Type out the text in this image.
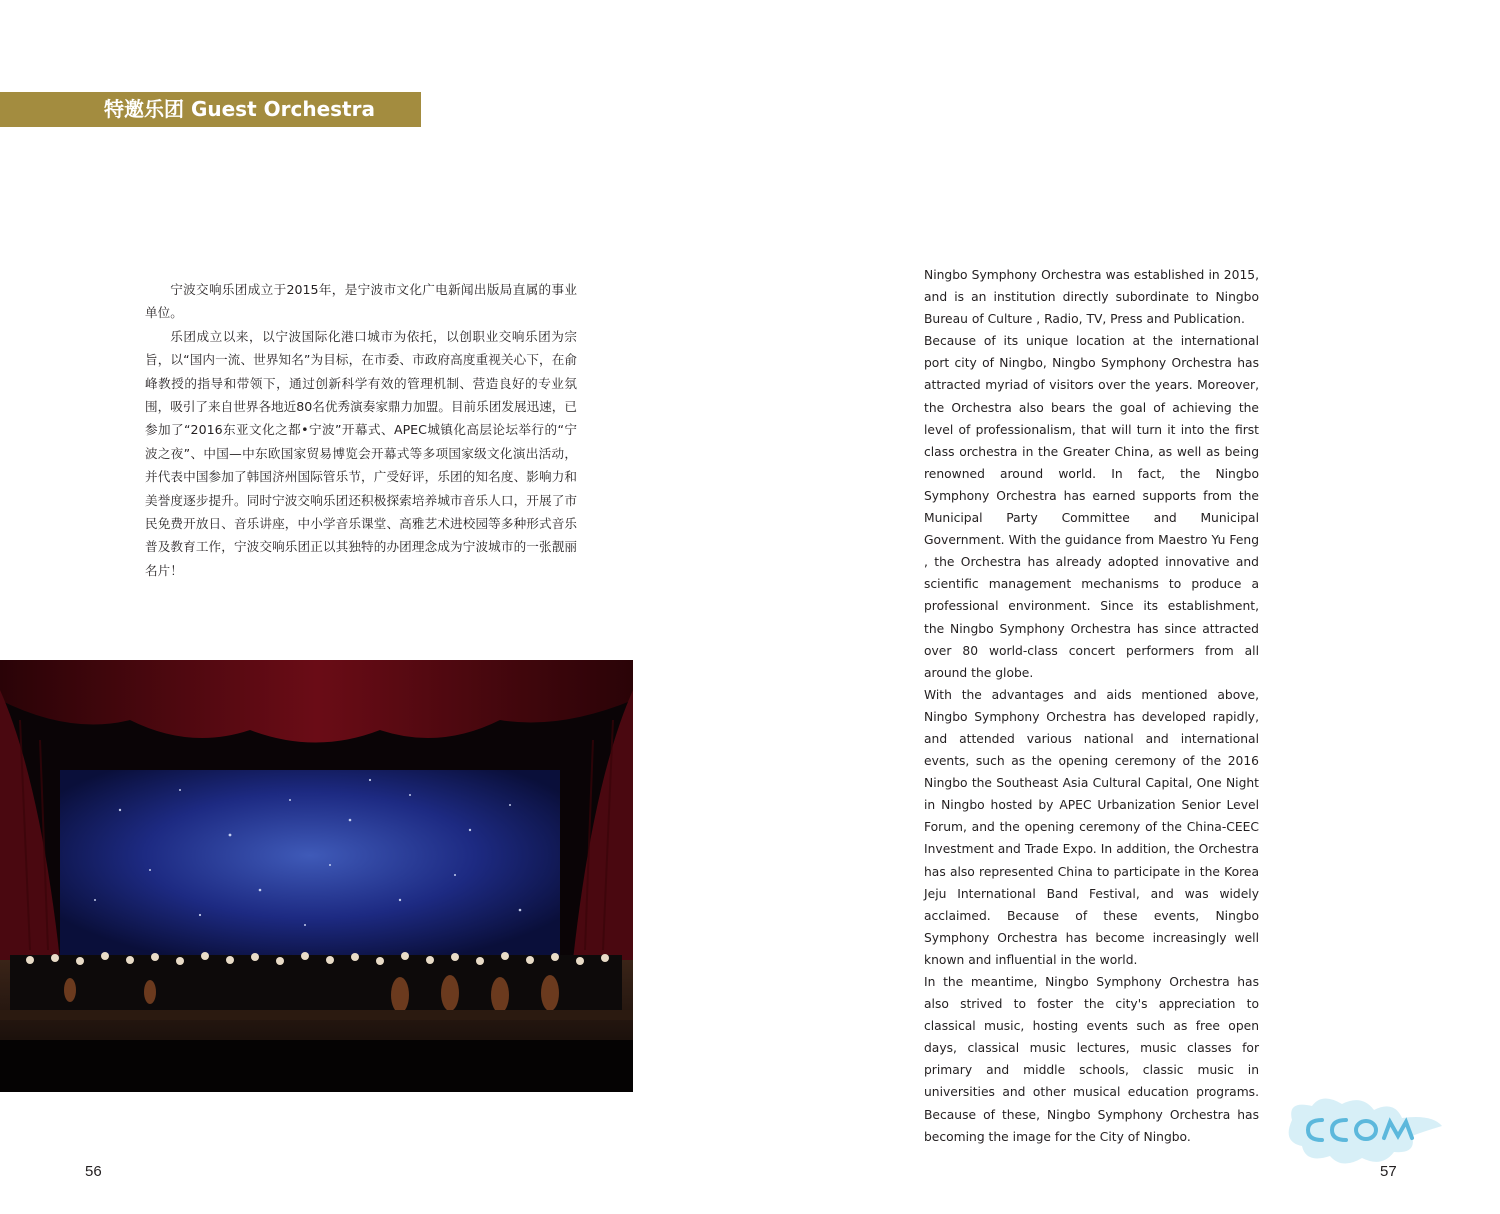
特邀乐团 Guest Orchestra

宁波交响乐团成立于2015年，是宁波市文化广电新闻出版局直属的事业单位。

乐团成立以来，以宁波国际化港口城市为依托，以创职业交响乐团为宗旨，以“国内一流、世界知名”为目标，在市委、市政府高度重视关心下，在俞峰教授的指导和带领下，通过创新科学有效的管理机制、营造良好的专业氛围，吸引了来自世界各地近80名优秀演奏家鼎力加盟。目前乐团发展迅速，已参加了“2016东亚文化之都•宁波”开幕式、APEC城镇化高层论坛举行的“宁波之夜”、中国—中东欧国家贸易博览会开幕式等多项国家级文化演出活动，并代表中国参加了韩国济州国际管乐节，广受好评，乐团的知名度、影响力和美誉度逐步提升。同时宁波交响乐团还积极探索培养城市音乐人口，开展了市民免费开放日、音乐讲座，中小学音乐课堂、高雅艺术进校园等多种形式音乐普及教育工作，宁波交响乐团正以其独特的办团理念成为宁波城市的一张靓丽名片！

Ningbo Symphony Orchestra was established in 2015, and is an institution directly subordinate to Ningbo Bureau of Culture , Radio, TV, Press and Publication.

Because of its unique location at the international port city of Ningbo, Ningbo Symphony Orchestra has attracted myriad of visitors over the years. Moreover, the Orchestra also bears the goal of achieving the level of professionalism, that will turn it into the first class orchestra in the Greater China, as well as being renowned around world. In fact, the Ningbo Symphony Orchestra has earned supports from the Municipal Party Committee and Municipal Government. With the guidance from Maestro Yu Feng , the Orchestra has already adopted innovative and scientific management mechanisms to produce a professional environment. Since its establishment, the Ningbo Symphony Orchestra has since attracted over 80 world-class concert performers from all around the globe.

With the advantages and aids mentioned above, Ningbo Symphony Orchestra has developed rapidly, and attended various national and international events, such as the opening ceremony of the 2016 Ningbo the Southeast Asia Cultural Capital, One Night in Ningbo hosted by APEC Urbanization Senior Level Forum, and the opening ceremony of the China-CEEC Investment and Trade Expo. In addition, the Orchestra has also represented China to participate in the Korea Jeju International Band Festival, and was widely acclaimed. Because of these events, Ningbo Symphony Orchestra has become increasingly well known and influential in the world.

In the meantime, Ningbo Symphony Orchestra has also strived to foster the city's appreciation to classical music, hosting events such as free open days, classical music lectures, music classes for primary and middle schools, classic music in universities and other musical education programs. Because of these, Ningbo Symphony Orchestra has becoming the image for the City of Ningbo.

56	57
